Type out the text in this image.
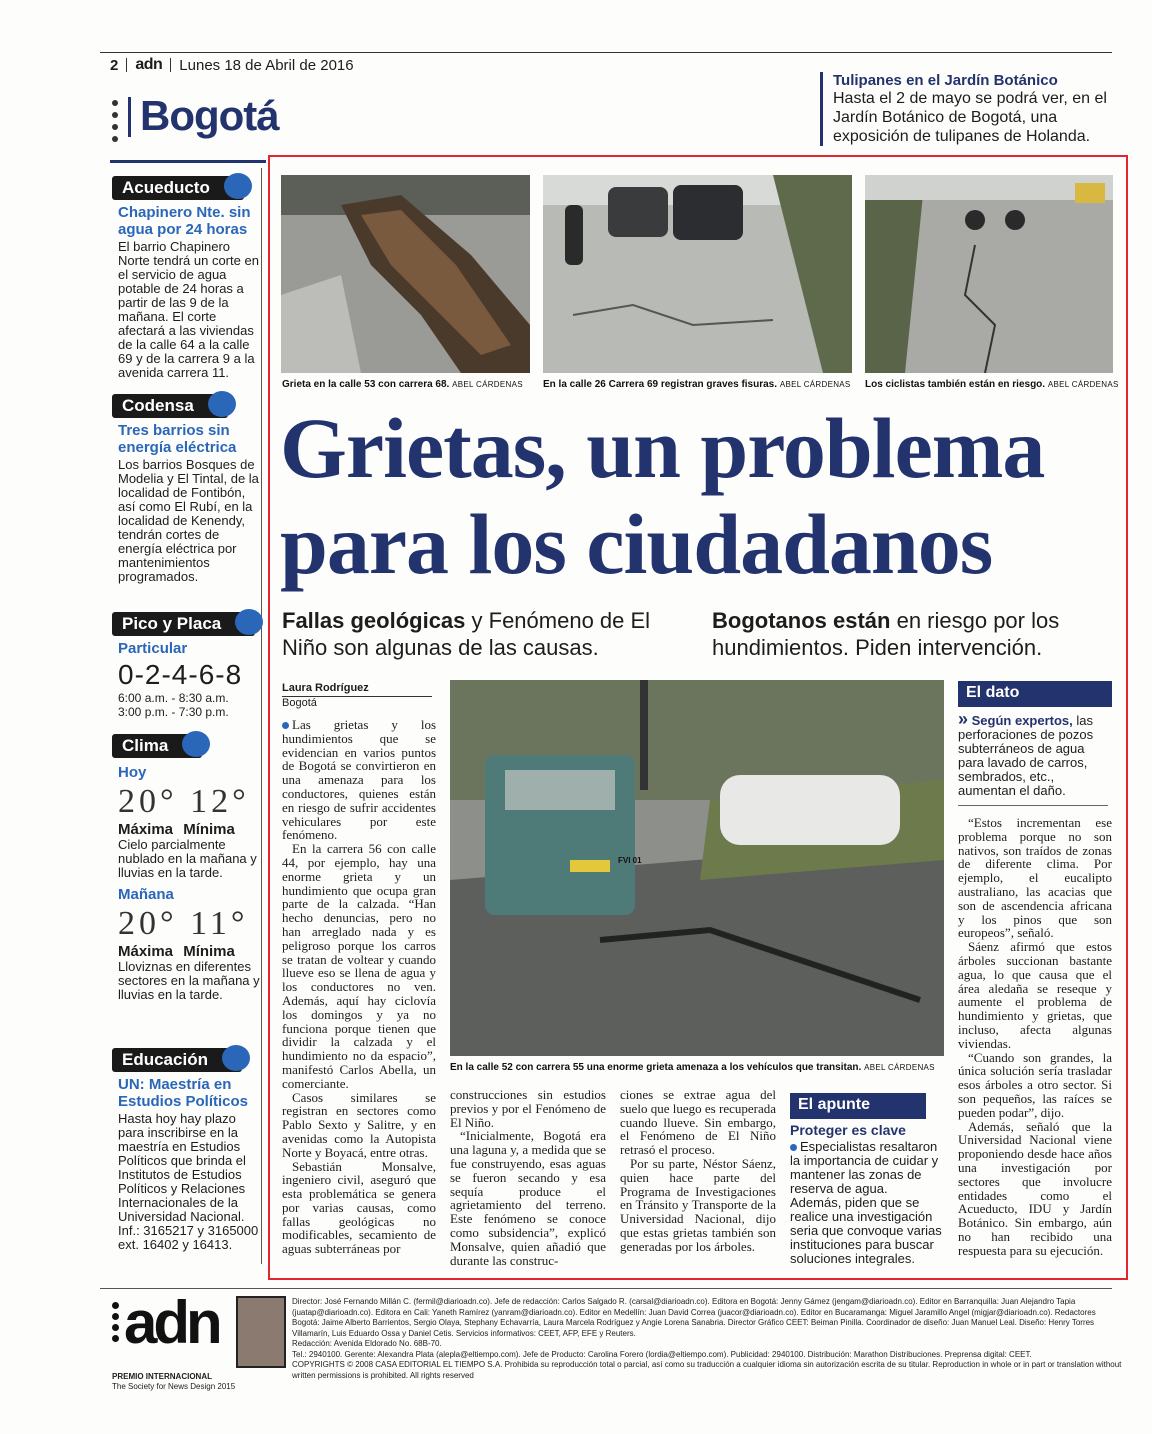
2 adn Lunes 18 de Abril de 2016
Bogotá
Tulipanes en el Jardín Botánico
Hasta el 2 de mayo se podrá ver, en el Jardín Botánico de Bogotá, una exposición de tulipanes de Holanda.
Acueducto
Chapinero Nte. sin agua por 24 horas
El barrio Chapinero Norte tendrá un corte en el servicio de agua potable de 24 horas a partir de las 9 de la mañana. El corte afectará a las viviendas de la calle 64 a la calle 69 y de la carrera 9 a la avenida carrera 11.
Codensa
Tres barrios sin energía eléctrica
Los barrios Bosques de Modelia y El Tintal, de la localidad de Fontibón, así como El Rubí, en la localidad de Kenendy, tendrán cortes de energía eléctrica por mantenimientos programados.
Pico y Placa
Particular
0-2-4-6-8
6:00 a.m. - 8:30 a.m.
3:00 p.m. - 7:30 p.m.
Clima
Hoy
20° 12°
Máxima Mínima
Cielo parcialmente nublado en la mañana y lluvias en la tarde.
Mañana
20° 11°
Máxima Mínima
Lloviznas en diferentes sectores en la mañana y lluvias en la tarde.
Educación
UN: Maestría en Estudios Políticos
Hasta hoy hay plazo para inscribirse en la maestría en Estudios Políticos que brinda el Institutos de Estudios Políticos y Relaciones Internacionales de la Universidad Nacional. Inf.: 3165217 y 3165000 ext. 16402 y 16413.
Grieta en la calle 53 con carrera 68. ABEL CÁRDENAS En la calle 26 Carrera 69 registran graves fisuras. ABEL CÁRDENAS Los ciclistas también están en riesgo. ABEL CÁRDENAS
Grietas, un problema
para los ciudadanos
Fallas geológicas y Fenómeno de El Niño son algunas de las causas.
Bogotanos están en riesgo por los hundimientos. Piden intervención.
Laura Rodríguez
Bogotá
FVI 01
En la calle 52 con carrera 55 una enorme grieta amenaza a los vehículos que transitan. ABEL CÁRDENAS

Las grietas y los hundimientos que se evidencian en varios puntos de Bogotá se convirtieron en una amenaza para los conductores, quienes están en riesgo de sufrir accidentes vehiculares por este fenómeno.

En la carrera 56 con calle 44, por ejemplo, hay una enorme grieta y un hundimiento que ocupa gran parte de la calzada. “Han hecho denuncias, pero no han arreglado nada y es peligroso porque los carros se tratan de voltear y cuando llueve eso se llena de agua y los conductores no ven. Además, aquí hay ciclovía los domingos y ya no funciona porque tienen que dividir la calzada y el hundimiento no da espacio”, manifestó Carlos Abella, un comerciante.

Casos similares se registran en sectores como Pablo Sexto y Salitre, y en avenidas como la Autopista Norte y Boyacá, entre otras.

Sebastián Monsalve, ingeniero civil, aseguró que esta problemática se genera por varias causas, como fallas geológicas no modificables, secamiento de aguas subterráneas por

construcciones sin estudios previos y por el Fenómeno de El Niño.

“Inicialmente, Bogotá era una laguna y, a medida que se fue construyendo, esas aguas se fueron secando y esa sequía produce el agrietamiento del terreno. Este fenómeno se conoce como subsidencia”, explicó Monsalve, quien añadió que durante las construc-

ciones se extrae agua del suelo que luego es recuperada cuando llueve. Sin embargo, el Fenómeno de El Niño retrasó el proceso.

Por su parte, Néstor Sáenz, quien hace parte del Programa de Investigaciones en Tránsito y Transporte de la Universidad Nacional, dijo que estas grietas también son generadas por los árboles.

El apunte
Proteger es clave
Especialistas resaltaron la importancia de cuidar y mantener las zonas de reserva de agua.
Además, piden que se realice una investigación seria que convoque varias instituciones para buscar soluciones integrales.
El dato
» Según expertos, las perforaciones de pozos subterráneos de agua para lavado de carros, sembrados, etc., aumentan el daño.

“Estos incrementan ese problema porque no son nativos, son traídos de zonas de diferente clima. Por ejemplo, el eucalipto australiano, las acacias que son de ascendencia africana y los pinos que son europeos”, señaló.

Sáenz afirmó que estos árboles succionan bastante agua, lo que causa que el área aledaña se reseque y aumente el problema de hundimiento y grietas, que incluso, afecta algunas viviendas.

“Cuando son grandes, la única solución sería trasladar esos árboles a otro sector. Si son pequeños, las raíces se pueden podar”, dijo.

Además, señaló que la Universidad Nacional viene proponiendo desde hace años una investigación por sectores que involucre entidades como el Acueducto, IDU y Jardín Botánico. Sin embargo, aún no han recibido una respuesta para su ejecución.

adn
PREMIO INTERNACIONAL
The Society for News Design 2015
Director: José Fernando Millán C. (fermil@diarioadn.co). Jefe de redacción: Carlos Salgado R. (carsal@diarioadn.co). Editora en Bogotá: Jenny Gámez (jengam@diarioadn.co). Editor en Barranquilla: Juan Alejandro Tapia (juatap@diarioadn.co). Editora en Cali: Yaneth Ramírez (yanram@diarioadn.co). Editor en Medellín: Juan David Correa (juacor@diarioadn.co). Editor en Bucaramanga: Miguel Jaramillo Angel (migjar@diarioadn.co). Redactores Bogotá: Jaime Alberto Barrientos, Sergio Olaya, Stephany Echavarría, Laura Marcela Rodríguez y Angie Lorena Sanabria. Director Gráfico CEET: Beiman Pinilla. Coordinador de diseño: Juan Manuel Leal. Diseño: Henry Torres Villamarín, Luis Eduardo Ossa y Daniel Cetis. Servicios informativos: CEET, AFP, EFE y Reuters.
Redacción: Avenida Eldorado No. 68B-70.
Tel.: 2940100. Gerente: Alexandra Plata (alepla@eltiempo.com). Jefe de Producto: Carolina Forero (lordia@eltiempo.com). Publicidad: 2940100. Distribución: Marathon Distribuciones. Preprensa digital: CEET.
COPYRIGHTS © 2008 CASA EDITORIAL EL TIEMPO S.A. Prohibida su reproducción total o parcial, así como su traducción a cualquier idioma sin autorización escrita de su titular. Reproduction in whole or in part or translation without written permissions is prohibited. All rights reserved
